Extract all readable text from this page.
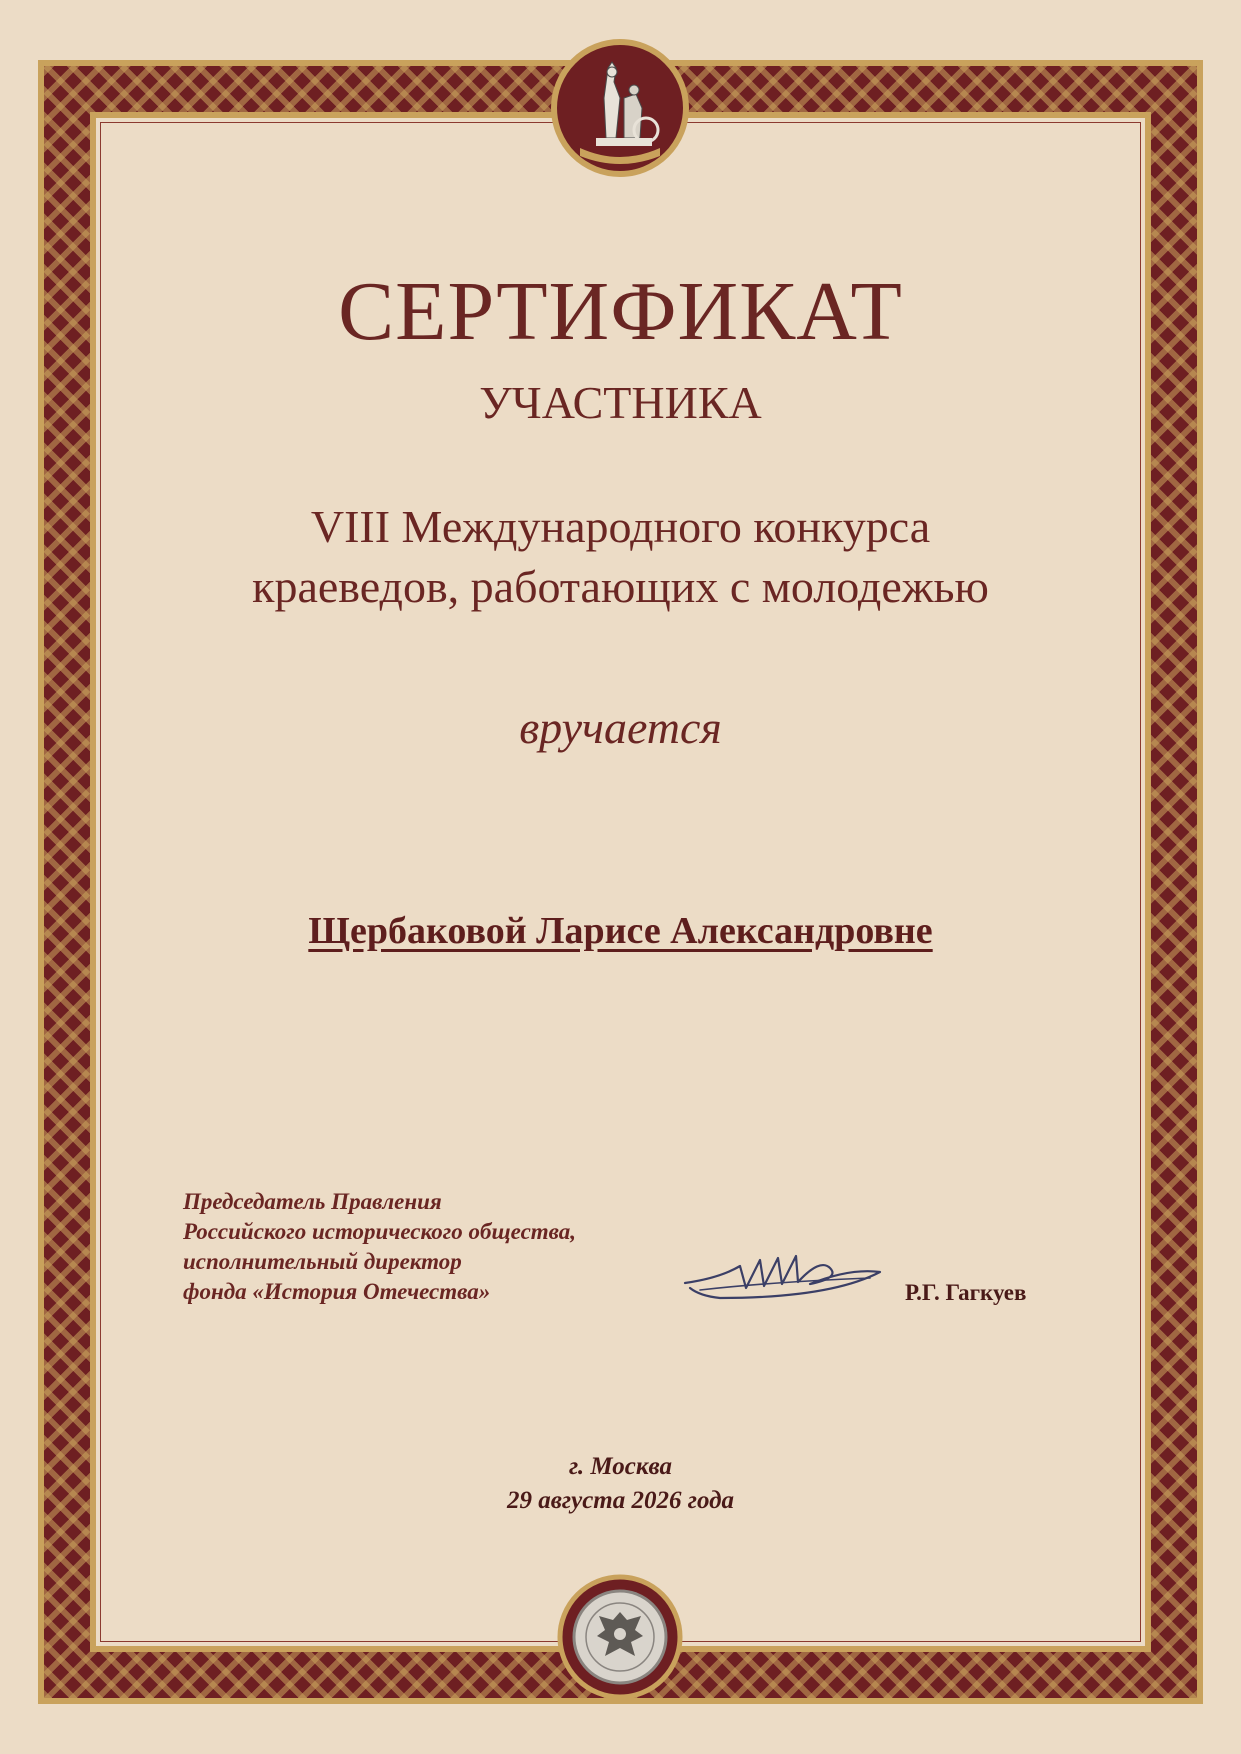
СЕРТИФИКАТ
УЧАСТНИКА
VIII Международного конкурса
краеведов, работающих с молодежью
вручается
Щербаковой Ларисе Александровне
Председатель Правления
Российского исторического общества,
исполнительный директор
фонда «История Отечества»	Р.Г. Гагкуев
г. Москва
29 августа 2026 года
